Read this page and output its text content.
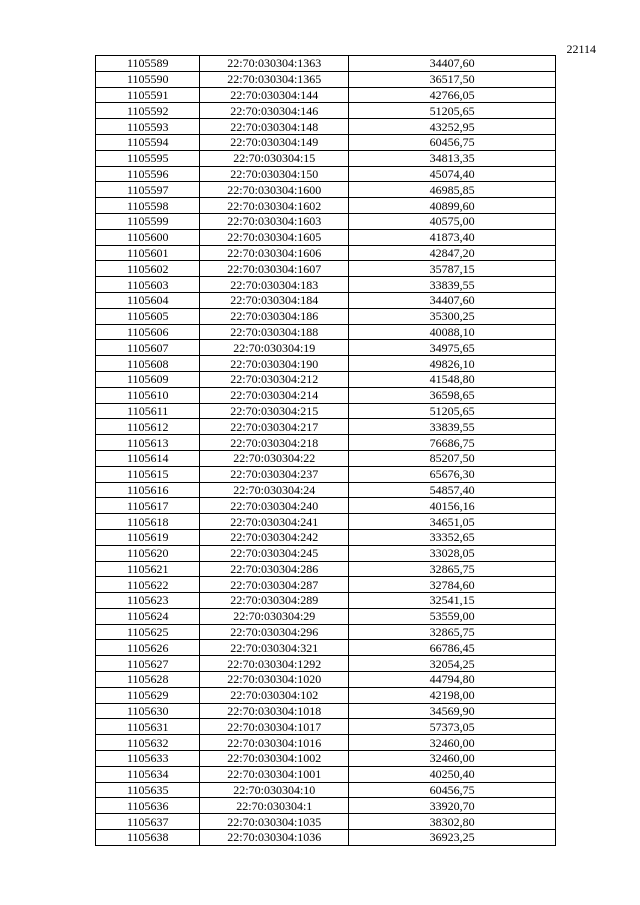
22114
1105589	22:70:030304:1363	34407,60
1105590	22:70:030304:1365	36517,50
1105591	22:70:030304:144	42766,05
1105592	22:70:030304:146	51205,65
1105593	22:70:030304:148	43252,95
1105594	22:70:030304:149	60456,75
1105595	22:70:030304:15	34813,35
1105596	22:70:030304:150	45074,40
1105597	22:70:030304:1600	46985,85
1105598	22:70:030304:1602	40899,60
1105599	22:70:030304:1603	40575,00
1105600	22:70:030304:1605	41873,40
1105601	22:70:030304:1606	42847,20
1105602	22:70:030304:1607	35787,15
1105603	22:70:030304:183	33839,55
1105604	22:70:030304:184	34407,60
1105605	22:70:030304:186	35300,25
1105606	22:70:030304:188	40088,10
1105607	22:70:030304:19	34975,65
1105608	22:70:030304:190	49826,10
1105609	22:70:030304:212	41548,80
1105610	22:70:030304:214	36598,65
1105611	22:70:030304:215	51205,65
1105612	22:70:030304:217	33839,55
1105613	22:70:030304:218	76686,75
1105614	22:70:030304:22	85207,50
1105615	22:70:030304:237	65676,30
1105616	22:70:030304:24	54857,40
1105617	22:70:030304:240	40156,16
1105618	22:70:030304:241	34651,05
1105619	22:70:030304:242	33352,65
1105620	22:70:030304:245	33028,05
1105621	22:70:030304:286	32865,75
1105622	22:70:030304:287	32784,60
1105623	22:70:030304:289	32541,15
1105624	22:70:030304:29	53559,00
1105625	22:70:030304:296	32865,75
1105626	22:70:030304:321	66786,45
1105627	22:70:030304:1292	32054,25
1105628	22:70:030304:1020	44794,80
1105629	22:70:030304:102	42198,00
1105630	22:70:030304:1018	34569,90
1105631	22:70:030304:1017	57373,05
1105632	22:70:030304:1016	32460,00
1105633	22:70:030304:1002	32460,00
1105634	22:70:030304:1001	40250,40
1105635	22:70:030304:10	60456,75
1105636	22:70:030304:1	33920,70
1105637	22:70:030304:1035	38302,80
1105638	22:70:030304:1036	36923,25
